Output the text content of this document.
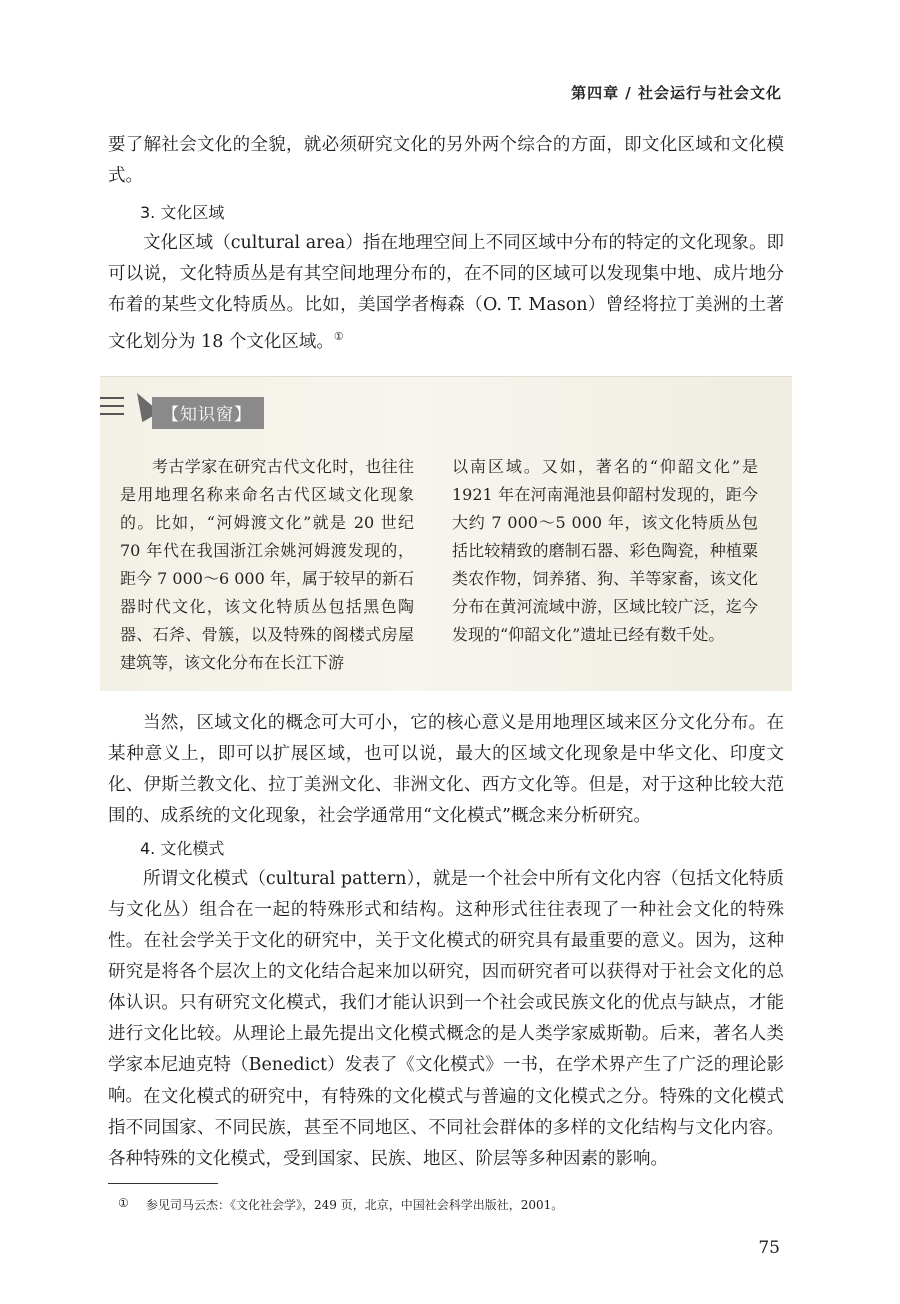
第四章 / 社会运行与社会文化

要了解社会文化的全貌，就必须研究文化的另外两个综合的方面，即文化区域和文化模式。

3. 文化区域

文化区域（cultural area）指在地理空间上不同区域中分布的特定的文化现象。即可以说，文化特质丛是有其空间地理分布的，在不同的区域可以发现集中地、成片地分布着的某些文化特质丛。比如，美国学者梅森（O. T. Mason）曾经将拉丁美洲的土著文化划分为 18 个文化区域。①

【知识窗】

考古学家在研究古代文化时，也往往是用地理名称来命名古代区域文化现象的。比如，“河姆渡文化”就是 20 世纪 70 年代在我国浙江余姚河姆渡发现的，距今 7 000～6 000 年，属于较早的新石器时代文化，该文化特质丛包括黑色陶器、石斧、骨簇，以及特殊的阁楼式房屋建筑等，该文化分布在长江下游

以南区域。又如，著名的“仰韶文化”是 1921 年在河南渑池县仰韶村发现的，距今大约 7 000～5 000 年，该文化特质丛包括比较精致的磨制石器、彩色陶瓷，种植粟类农作物，饲养猪、狗、羊等家畜，该文化分布在黄河流域中游，区域比较广泛，迄今发现的“仰韶文化”遗址已经有数千处。

当然，区域文化的概念可大可小，它的核心意义是用地理区域来区分文化分布。在某种意义上，即可以扩展区域，也可以说，最大的区域文化现象是中华文化、印度文化、伊斯兰教文化、拉丁美洲文化、非洲文化、西方文化等。但是，对于这种比较大范围的、成系统的文化现象，社会学通常用“文化模式”概念来分析研究。

4. 文化模式

所谓文化模式（cultural pattern），就是一个社会中所有文化内容（包括文化特质与文化丛）组合在一起的特殊形式和结构。这种形式往往表现了一种社会文化的特殊性。在社会学关于文化的研究中，关于文化模式的研究具有最重要的意义。因为，这种研究是将各个层次上的文化结合起来加以研究，因而研究者可以获得对于社会文化的总体认识。只有研究文化模式，我们才能认识到一个社会或民族文化的优点与缺点，才能进行文化比较。从理论上最先提出文化模式概念的是人类学家威斯勒。后来，著名人类学家本尼迪克特（Benedict）发表了《文化模式》一书，在学术界产生了广泛的理论影响。 在文化模式的研究中，有特殊的文化模式与普遍的文化模式之分。特殊的文化模式指不同国家、不同民族，甚至不同地区、不同社会群体的多样的文化结构与文化内容。各种特殊的文化模式，受到国家、民族、地区、阶层等多种因素的影响。

① 参见司马云杰：《文化社会学》，249 页，北京，中国社会科学出版社，2001。
75
